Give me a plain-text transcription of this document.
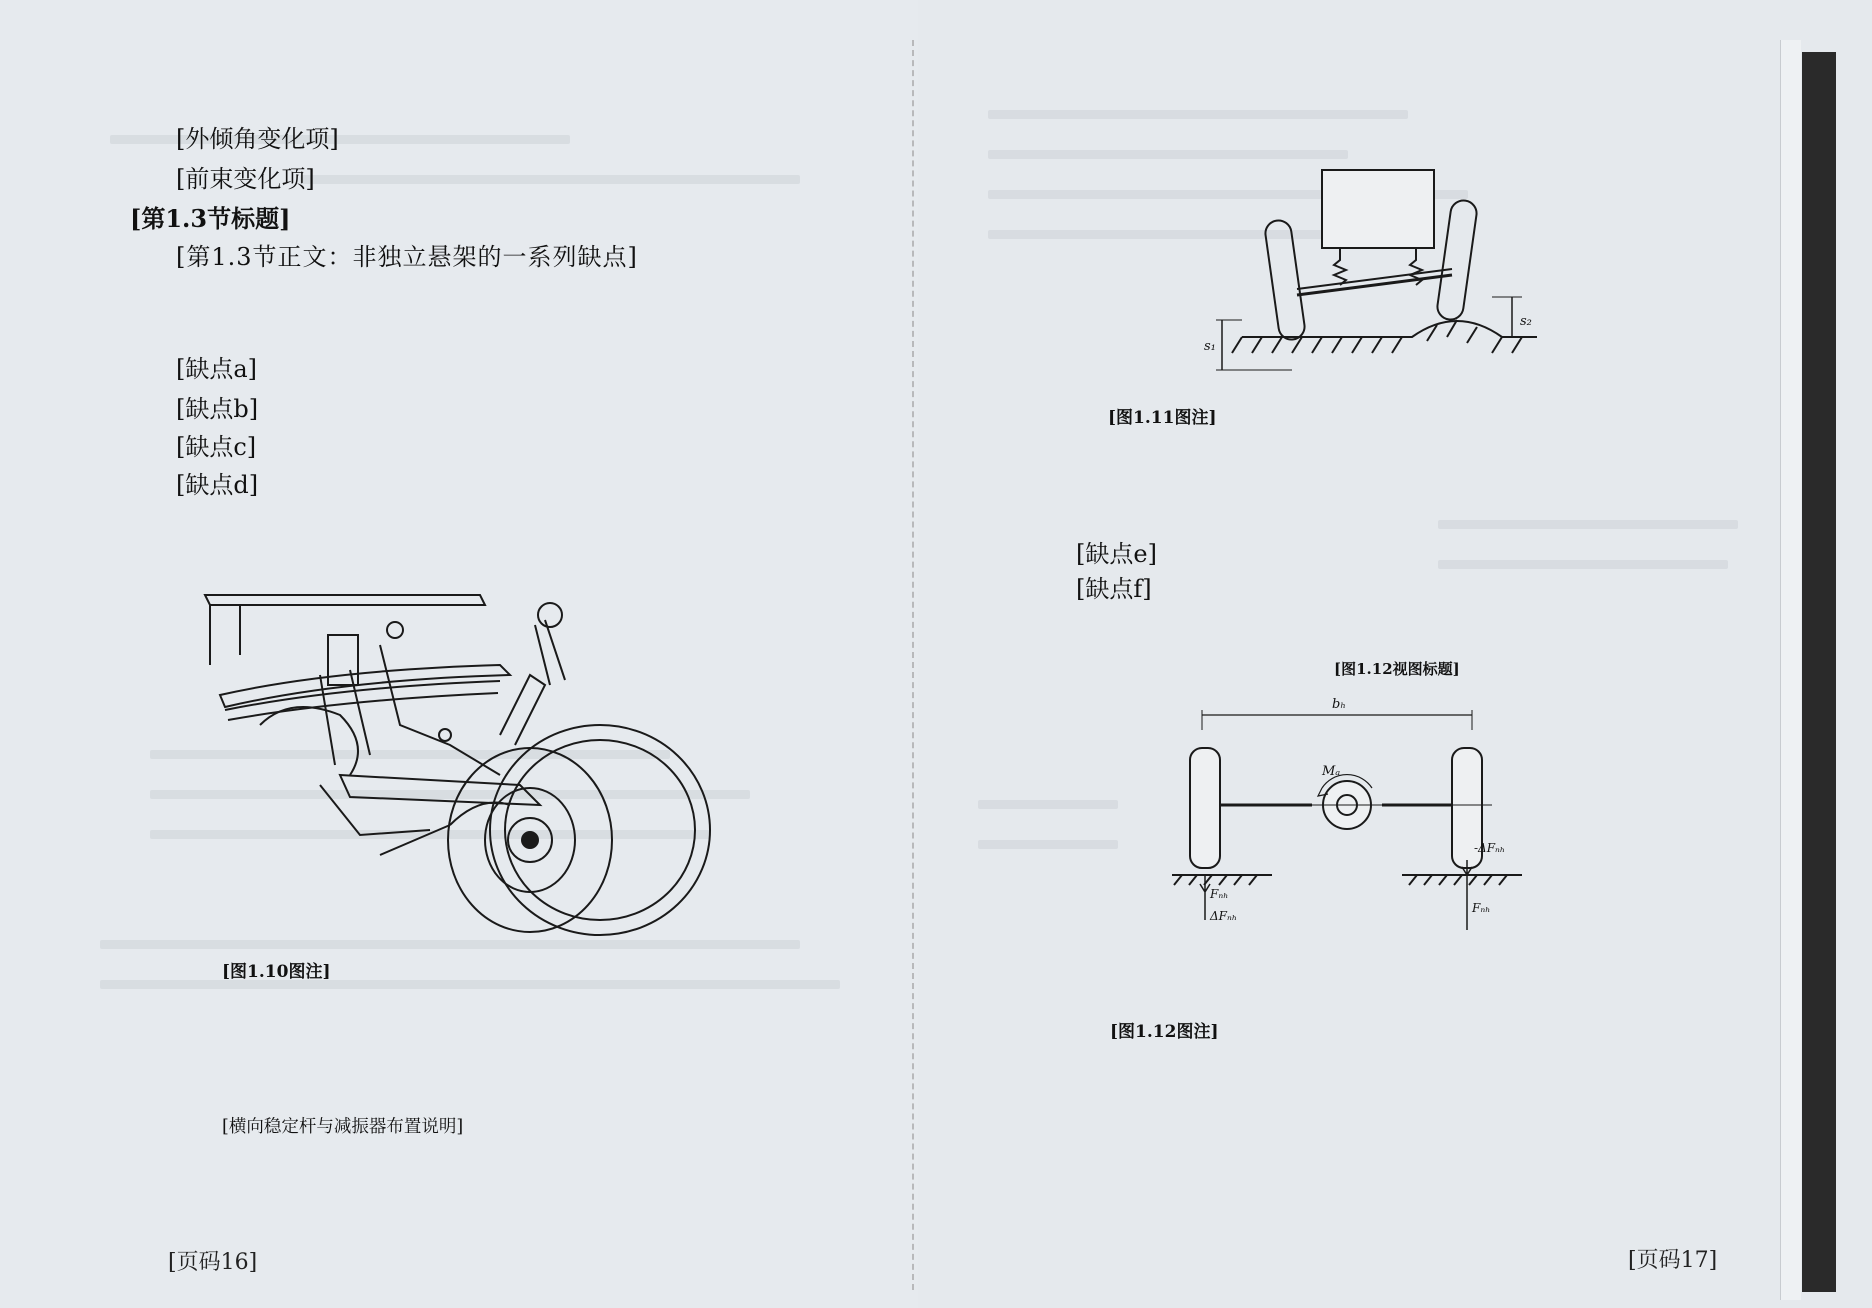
[外倾角变化项]

[前束变化项]

[第1.3节标题]

[第1.3节正文：非独立悬架的一系列缺点]

[缺点a]

[缺点b]

[缺点c]

[缺点d]

[图1.10图注]

[横向稳定杆与减振器布置说明]

[页码16]
s₁
s₂

[图1.11图注]

[缺点e]

[缺点f]

[图1.12视图标题]
bₕ
Mₐ
Fₙₕ
ΔFₙₕ
Fₙₕ
-ΔFₙₕ

[图1.12图注]

[页码17]
